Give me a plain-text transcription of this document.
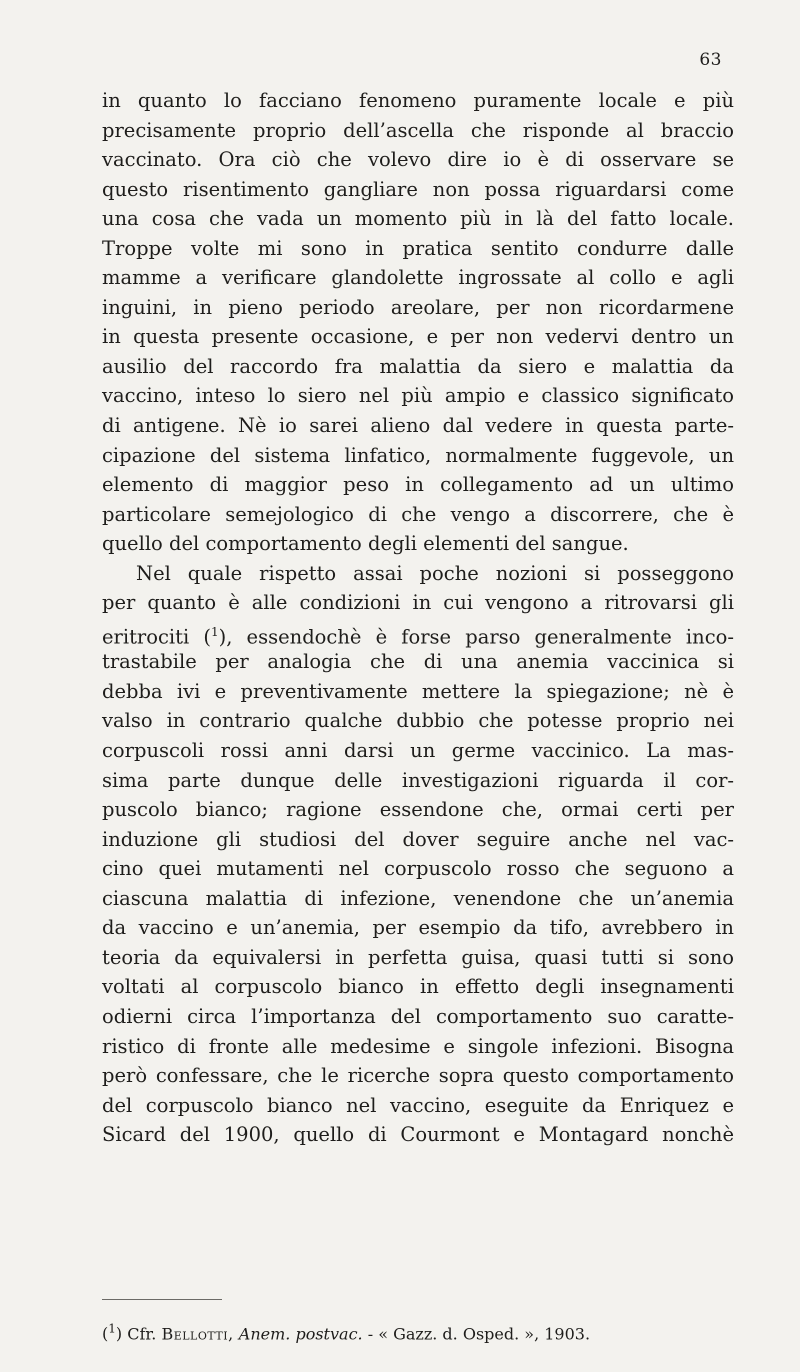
63
in quanto lo facciano fenomeno puramente locale e più
precisamente proprio dell’ascella che risponde al braccio
vaccinato. Ora ciò che volevo dire io è di osservare se
questo risentimento gangliare non possa riguardarsi come
una cosa che vada un momento più in là del fatto locale.
Troppe volte mi sono in pratica sentito condurre dalle
mamme a verificare glandolette ingrossate al collo e agli
inguini, in pieno periodo areolare, per non ricordarmene
in questa presente occasione, e per non vedervi dentro un
ausilio del raccordo fra malattia da siero e malattia da
vaccino, inteso lo siero nel più ampio e classico significato
di antigene. Nè io sarei alieno dal vedere in questa parte-
cipazione del sistema linfatico, normalmente fuggevole, un
elemento di maggior peso in collegamento ad un ultimo
particolare semejologico di che vengo a discorrere, che è
quello del comportamento degli elementi del sangue.
Nel quale rispetto assai poche nozioni si posseggono
per quanto è alle condizioni in cui vengono a ritrovarsi gli
eritrociti ($^1$), essendochè è forse parso generalmente inco-
trastabile per analogia che di una anemia vaccinica si
debba ivi e preventivamente mettere la spiegazione; nè è
valso in contrario qualche dubbio che potesse proprio nei
corpuscoli rossi anni darsi un germe vaccinico. La mas-
sima parte dunque delle investigazioni riguarda il cor-
puscolo bianco; ragione essendone che, ormai certi per
induzione gli studiosi del dover seguire anche nel vac-
cino quei mutamenti nel corpuscolo rosso che seguono a
ciascuna malattia di infezione, venendone che un’anemia
da vaccino e un’anemia, per esempio da tifo, avrebbero in
teoria da equivalersi in perfetta guisa, quasi tutti si sono
voltati al corpuscolo bianco in effetto degli insegnamenti
odierni circa l’importanza del comportamento suo caratte-
ristico di fronte alle medesime e singole infezioni. Bisogna
però confessare, che le ricerche sopra questo comportamento
del corpuscolo bianco nel vaccino, eseguite da Enriquez e
Sicard del 1900, quello di Courmont e Montagard nonchè
($^1$) Cfr. Bellotti, Anem. postvac. - « Gazz. d. Osped. », 1903.
